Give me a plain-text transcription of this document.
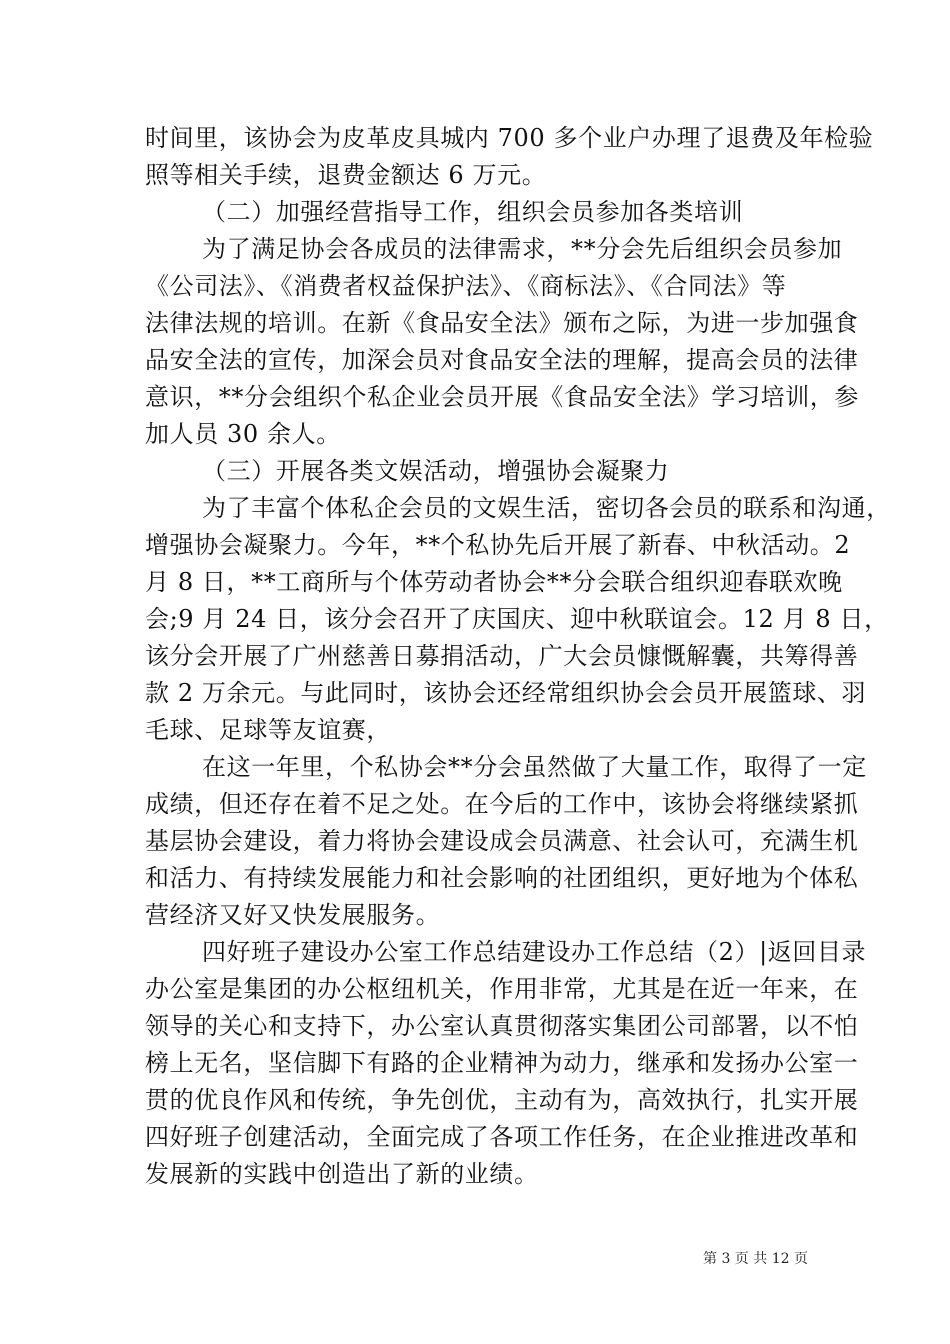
时间里，该协会为皮革皮具城内 700 多个业户办理了退费及年检验
照等相关手续，退费金额达 6 万元。
（二）加强经营指导工作，组织会员参加各类培训
为了满足协会各成员的法律需求，**分会先后组织会员参加
《公司法》、《消费者权益保护法》、《商标法》、《合同法》等
法律法规的培训。在新《食品安全法》颁布之际，为进一步加强食
品安全法的宣传，加深会员对食品安全法的理解，提高会员的法律
意识，**分会组织个私企业会员开展《食品安全法》学习培训，参
加人员 30 余人。
（三）开展各类文娱活动，增强协会凝聚力
为了丰富个体私企会员的文娱生活，密切各会员的联系和沟通，
增强协会凝聚力。今年，**个私协先后开展了新春、中秋活动。2
月 8 日，**工商所与个体劳动者协会**分会联合组织迎春联欢晚
会;9 月 24 日，该分会召开了庆国庆、迎中秋联谊会。12 月 8 日，
该分会开展了广州慈善日募捐活动，广大会员慷慨解囊，共筹得善
款 2 万余元。与此同时，该协会还经常组织协会会员开展篮球、羽
毛球、足球等友谊赛，
在这一年里，个私协会**分会虽然做了大量工作，取得了一定
成绩，但还存在着不足之处。在今后的工作中，该协会将继续紧抓
基层协会建设，着力将协会建设成会员满意、社会认可，充满生机
和活力、有持续发展能力和社会影响的社团组织，更好地为个体私
营经济又好又快发展服务。
四好班子建设办公室工作总结建设办工作总结（2）|返回目录
办公室是集团的办公枢纽机关，作用非常，尤其是在近一年来，在
领导的关心和支持下，办公室认真贯彻落实集团公司部署，以不怕
榜上无名，坚信脚下有路的企业精神为动力，继承和发扬办公室一
贯的优良作风和传统，争先创优，主动有为，高效执行，扎实开展
四好班子创建活动，全面完成了各项工作任务，在企业推进改革和
发展新的实践中创造出了新的业绩。
第 3 页 共 12 页
